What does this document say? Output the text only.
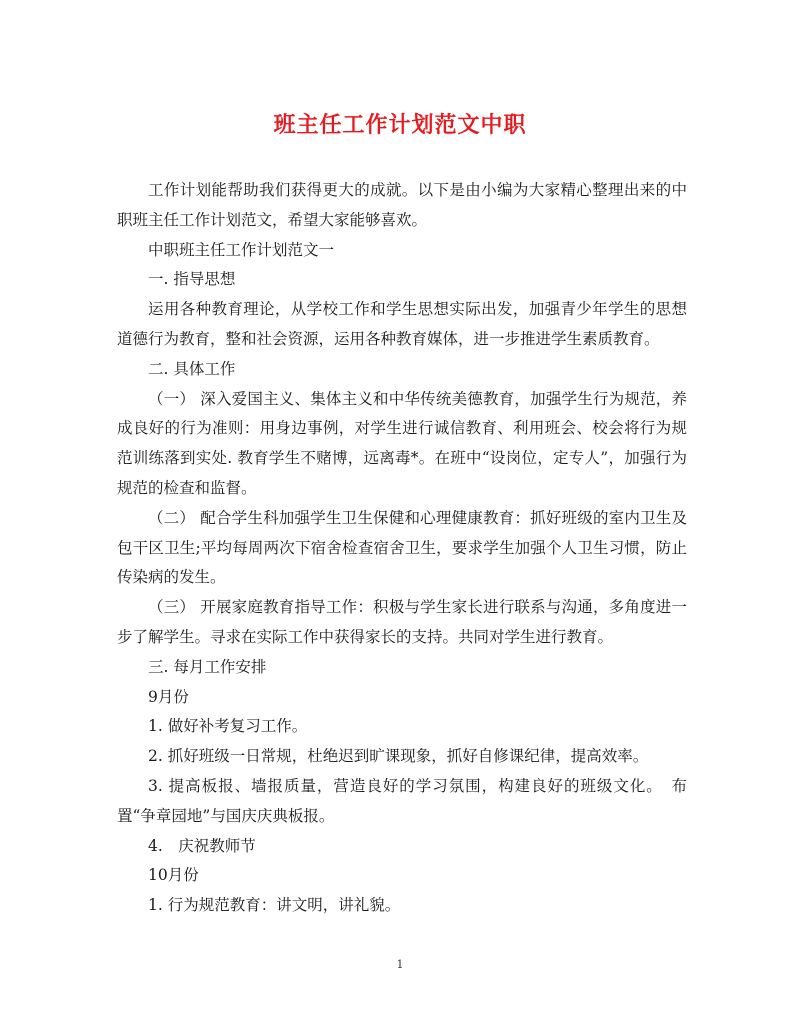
班主任工作计划范文中职

工作计划能帮助我们获得更大的成就。以下是由小编为大家精心整理出来的中职班主任工作计划范文，希望大家能够喜欢。

中职班主任工作计划范文一

一. 指导思想

运用各种教育理论，从学校工作和学生思想实际出发，加强青少年学生的思想道德行为教育，整和社会资源，运用各种教育媒体，进一步推进学生素质教育。

二. 具体工作

（一） 深入爱国主义、集体主义和中华传统美德教育，加强学生行为规范，养成良好的行为准则：用身边事例，对学生进行诚信教育、利用班会、校会将行为规范训练落到实处. 教育学生不赌博，远离毒*。在班中“设岗位，定专人”，加强行为规范的检查和监督。

（二） 配合学生科加强学生卫生保健和心理健康教育：抓好班级的室内卫生及包干区卫生;平均每周两次下宿舍检查宿舍卫生，要求学生加强个人卫生习惯，防止传染病的发生。

（三） 开展家庭教育指导工作：积极与学生家长进行联系与沟通，多角度进一步了解学生。寻求在实际工作中获得家长的支持。共同对学生进行教育。

三. 每月工作安排

9月份

1. 做好补考复习工作。

2. 抓好班级一日常规，杜绝迟到旷课现象，抓好自修课纪律，提高效率。

3. 提高板报、墙报质量，营造良好的学习氛围，构建良好的班级文化。　布置“争章园地”与国庆庆典板报。

4.　庆祝教师节

10月份

1. 行为规范教育：讲文明，讲礼貌。

1
